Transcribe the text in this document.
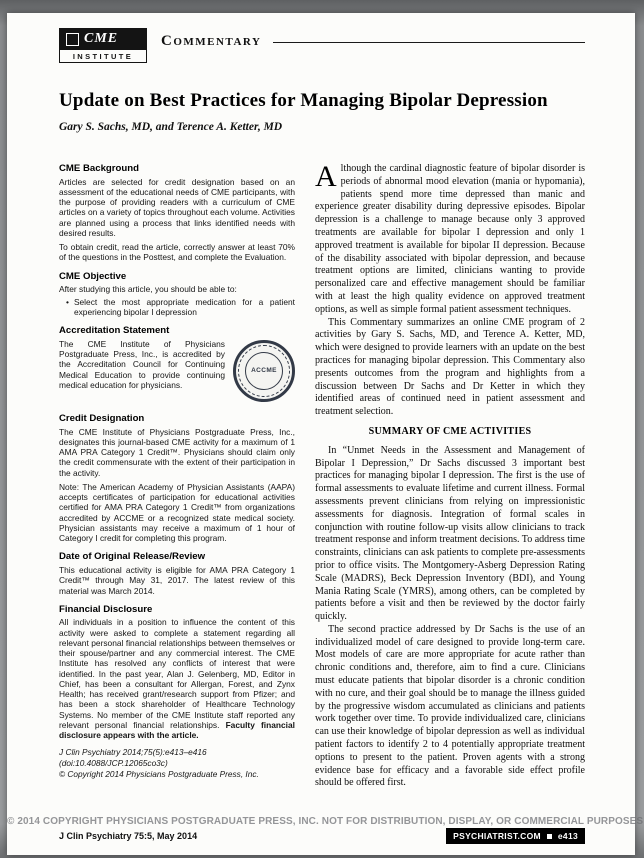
CME
INSTITUTE
Commentary
Update on Best Practices for Managing Bipolar Depression
Gary S. Sachs, MD, and Terence A. Ketter, MD
CME Background

Articles are selected for credit designation based on an assessment of the educational needs of CME participants, with the purpose of providing readers with a curriculum of CME articles on a variety of topics throughout each volume. Activities are planned using a process that links identified needs with desired results.

To obtain credit, read the article, correctly answer at least 70% of the questions in the Posttest, and complete the Evaluation.

CME Objective

After studying this article, you should be able to:

• Select the most appropriate medication for a patient experiencing bipolar I depression
Accreditation Statement
ACCME

The CME Institute of Physicians Postgraduate Press, Inc., is accredited by the Accreditation Council for Continuing Medical Education to provide continuing medical education for physicians.

Credit Designation

The CME Institute of Physicians Postgraduate Press, Inc., designates this journal-based CME activity for a maximum of 1 AMA PRA Category 1 Credit™. Physicians should claim only the credit commensurate with the extent of their participation in the activity.

Note: The American Academy of Physician Assistants (AAPA) accepts certificates of participation for educational activities certified for AMA PRA Category 1 Credit™ from organizations accredited by ACCME or a recognized state medical society. Physician assistants may receive a maximum of 1 hour of Category I credit for completing this program.

Date of Original Release/Review

This educational activity is eligible for AMA PRA Category 1 Credit™ through May 31, 2017. The latest review of this material was March 2014.

Financial Disclosure

All individuals in a position to influence the content of this activity were asked to complete a statement regarding all relevant personal financial relationships between themselves or their spouse/partner and any commercial interest. The CME Institute has resolved any conflicts of interest that were identified. In the past year, Alan J. Gelenberg, MD, Editor in Chief, has been a consultant for Allergan, Forest, and Zynx Health; has received grant/research support from Pfizer; and has been a stock shareholder of Healthcare Technology Systems. No member of the CME Institute staff reported any relevant personal financial relationships. Faculty financial disclosure appears with the article.

J Clin Psychiatry 2014;75(5):e413–e416
(doi:10.4088/JCP.12065co3c)
© Copyright 2014 Physicians Postgraduate Press, Inc.

Although the cardinal diagnostic feature of bipolar disorder is periods of abnormal mood elevation (mania or hypomania), patients spend more time depressed than manic and experience greater disability during depressive episodes. Bipolar depression is a challenge to manage because only 3 approved treatments are available for bipolar I depression and only 1 approved treatment is available for bipolar II depression. Because of the disability associated with bipolar depression, and because treatment options are limited, clinicians wanting to provide personalized care and effective management should be familiar with at least the high quality evidence on approved treatment options, as well as simple formal patient assessment techniques.

This Commentary summarizes an online CME program of 2 activities by Gary S. Sachs, MD, and Terence A. Ketter, MD, which were designed to provide learners with an update on the best practices for managing bipolar depression. This Commentary also presents outcomes from the program and highlights from a discussion between Dr Sachs and Dr Ketter in which they identified areas of continued need in patient assessment and treatment selection.

SUMMARY OF CME ACTIVITIES

In “Unmet Needs in the Assessment and Management of Bipolar I Depression,” Dr Sachs discussed 3 important best practices for managing bipolar I depression. The first is the use of formal assessments to evaluate lifetime and current illness. Formal assessments prevent clinicians from relying on impressionistic assessments for diagnosis. Integration of formal scales in conjunction with routine follow-up visits allow clinicians to track treatment response and inform treatment decisions. To address time constraints, clinicians can ask patients to complete pre-assessments prior to office visits. The Montgomery-Asberg Depression Rating Scale (MADRS), Beck Depression Inventory (BDI), and Young Mania Rating Scale (YMRS), among others, can be completed by patients before a visit and then be reviewed by the doctor fairly quickly.

The second practice addressed by Dr Sachs is the use of an individualized model of care designed to provide long-term care. Most models of care are more appropriate for acute rather than chronic conditions and, therefore, aim to find a cure. Clinicians must educate patients that bipolar disorder is a chronic condition with no cure, and their goal should be to manage the illness guided by the progressive wisdom accumulated as clinicians and patients work together over time. To provide individualized care, clinicians can use their knowledge of bipolar depression as well as individual patient factors to identify 2 to 4 potentially appropriate treatment options to present to the patient. Proven agents with a strong evidence base for efficacy and a favorable side effect profile should be offered first.

© 2014 COPYRIGHT PHYSICIANS POSTGRADUATE PRESS, INC. NOT FOR DISTRIBUTION, DISPLAY, OR COMMERCIAL PURPOSES
J Clin Psychiatry 75:5, May 2014	PSYCHIATRIST.COM e413
